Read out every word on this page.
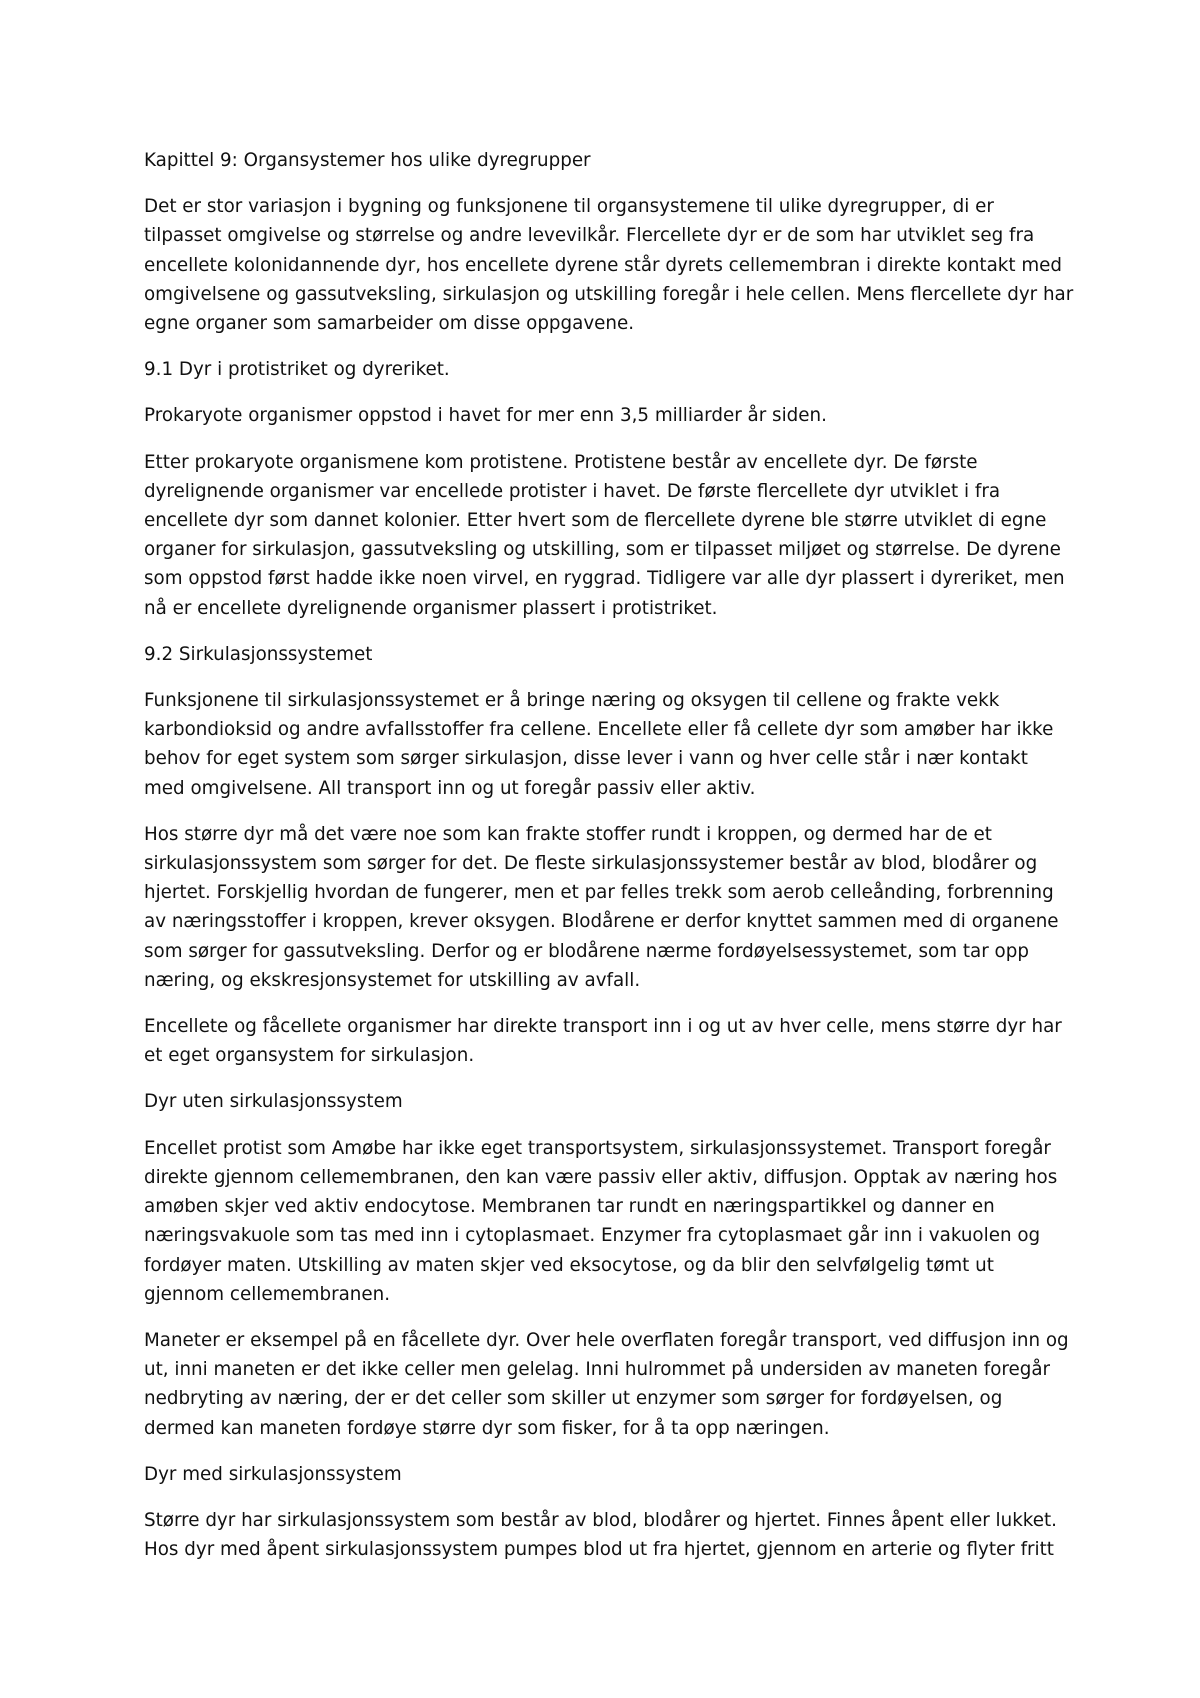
Kapittel 9: Organsystemer hos ulike dyregrupper

Det er stor variasjon i bygning og funksjonene til organsystemene til ulike dyregrupper, di er tilpasset omgivelse og størrelse og andre levevilkår. Flercellete dyr er de som har utviklet seg fra encellete kolonidannende dyr, hos encellete dyrene står dyrets cellemembran i direkte kontakt med omgivelsene og gassutveksling, sirkulasjon og utskilling foregår i hele cellen. Mens flercellete dyr har egne organer som samarbeider om disse oppgavene.

9.1 Dyr i protistriket og dyreriket.

Prokaryote organismer oppstod i havet for mer enn 3,5 milliarder år siden.

Etter prokaryote organismene kom protistene. Protistene består av encellete dyr. De første dyrelignende organismer var encellede protister i havet. De første flercellete dyr utviklet i fra encellete dyr som dannet kolonier. Etter hvert som de flercellete dyrene ble større utviklet di egne organer for sirkulasjon, gassutveksling og utskilling, som er tilpasset miljøet og størrelse. De dyrene som oppstod først hadde ikke noen virvel, en ryggrad. Tidligere var alle dyr plassert i dyreriket, men nå er encellete dyrelignende organismer plassert i protistriket.

9.2 Sirkulasjonssystemet

Funksjonene til sirkulasjonssystemet er å bringe næring og oksygen til cellene og frakte vekk karbondioksid og andre avfallsstoffer fra cellene. Encellete eller få cellete dyr som amøber har ikke behov for eget system som sørger sirkulasjon, disse lever i vann og hver celle står i nær kontakt med omgivelsene. All transport inn og ut foregår passiv eller aktiv.

Hos større dyr må det være noe som kan frakte stoffer rundt i kroppen, og dermed har de et sirkulasjonssystem som sørger for det. De fleste sirkulasjonssystemer består av blod, blodårer og hjertet. Forskjellig hvordan de fungerer, men et par felles trekk som aerob celleånding, forbrenning av næringsstoffer i kroppen, krever oksygen. Blodårene er derfor knyttet sammen med di organene som sørger for gassutveksling. Derfor og er blodårene nærme fordøyelsessystemet, som tar opp næring, og ekskresjonsystemet for utskilling av avfall.

Encellete og fåcellete organismer har direkte transport inn i og ut av hver celle, mens større dyr har et eget organsystem for sirkulasjon.

Dyr uten sirkulasjonssystem

Encellet protist som Amøbe har ikke eget transportsystem, sirkulasjonssystemet. Transport foregår direkte gjennom cellemembranen, den kan være passiv eller aktiv, diffusjon. Opptak av næring hos amøben skjer ved aktiv endocytose. Membranen tar rundt en næringspartikkel og danner en næringsvakuole som tas med inn i cytoplasmaet. Enzymer fra cytoplasmaet går inn i vakuolen og fordøyer maten. Utskilling av maten skjer ved eksocytose, og da blir den selvfølgelig tømt ut gjennom cellemembranen.

Maneter er eksempel på en fåcellete dyr. Over hele overflaten foregår transport, ved diffusjon inn og ut, inni maneten er det ikke celler men gelelag. Inni hulrommet på undersiden av maneten foregår nedbryting av næring, der er det celler som skiller ut enzymer som sørger for fordøyelsen, og dermed kan maneten fordøye større dyr som fisker, for å ta opp næringen.

Dyr med sirkulasjonssystem

Større dyr har sirkulasjonssystem som består av blod, blodårer og hjertet. Finnes åpent eller lukket. Hos dyr med åpent sirkulasjonssystem pumpes blod ut fra hjertet, gjennom en arterie og flyter fritt
